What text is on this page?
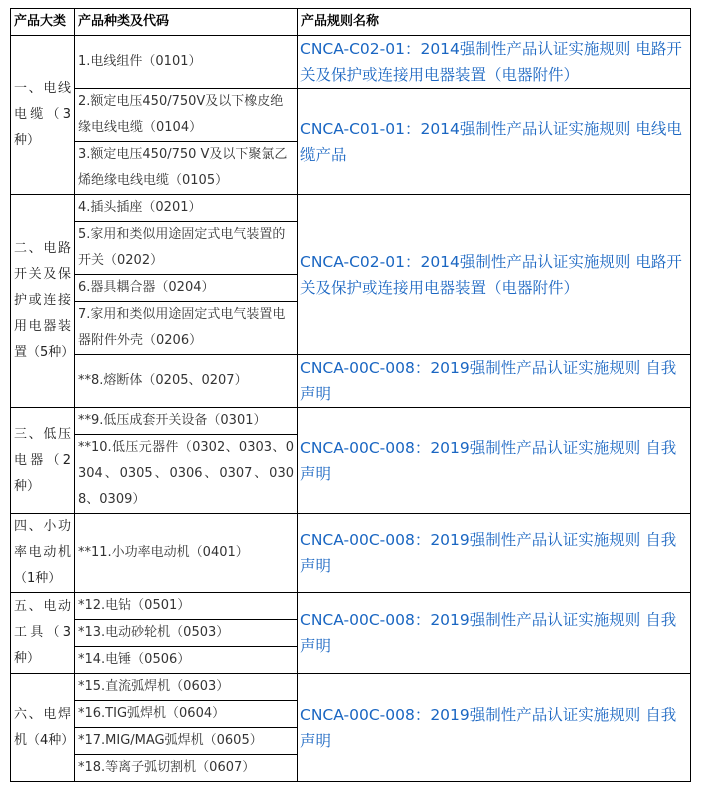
产品大类	产品种类及代码	产品规则名称
一、电线电缆（3种）	1.电线组件（0101）	CNCA-C02-01：2014强制性产品认证实施规则 电路开关及保护或连接用电器装置（电器附件）

	2.额定电压450/750V及以下橡皮绝缘电线电缆（0104）	CNCA-C01-01：2014强制性产品认证实施规则 电线电缆产品
	3.额定电压450/750 V及以下聚氯乙烯绝缘电线电缆（0105）	
二、电路开关及保护或连接用电器装置（5种）	4.插头插座（0201）	CNCA-C02-01：2014强制性产品认证实施规则 电路开关及保护或连接用电器装置（电器附件）
	5.家用和类似用途固定式电气装置的开关（0202）	
	6.器具耦合器（0204）	
	7.家用和类似用途固定式电气装置电器附件外壳（0206）	
	**8.熔断体（0205、0207）	CNCA-00C-008：2019强制性产品认证实施规则 自我声明
三、低压电器（2种）	**9.低压成套开关设备（0301）	CNCA-00C-008：2019强制性产品认证实施规则 自我声明
	**10.低压元器件（0302、0303、0304、0305、0306、0307、0308、0309）	
四、小功率电动机（1种）	**11.小功率电动机（0401）	CNCA-00C-008：2019强制性产品认证实施规则 自我声明
五、电动工具（3种）	*12.电钻（0501）	CNCA-00C-008：2019强制性产品认证实施规则 自我声明
	*13.电动砂轮机（0503）	
	*14.电锤（0506）	
六、电焊机（4种）	*15.直流弧焊机（0603）	CNCA-00C-008：2019强制性产品认证实施规则 自我声明
	*16.TIG弧焊机（0604）	
	*17.MIG/MAG弧焊机（0605）	
	*18.等离子弧切割机（0607）	
